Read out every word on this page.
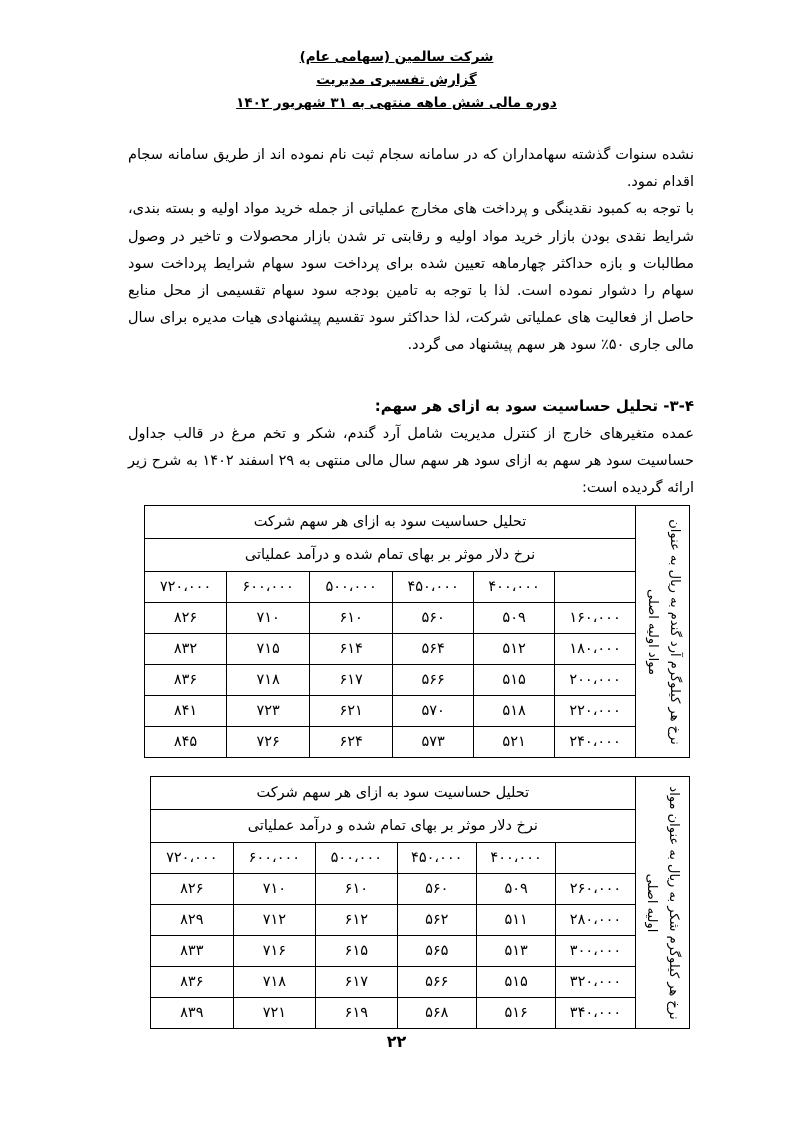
شرکت سالمین (سهامی عام)
گزارش تفسیری مدیریت
دوره مالی شش ماهه منتهی به ۳۱ شهریور ۱۴۰۲

نشده سنوات گذشته سهامداران که در سامانه سجام ثبت نام نموده اند از طریق سامانه سجام اقدام نمود.

با توجه به کمبود نقدینگی و پرداخت های مخارج عملیاتی از جمله خرید مواد اولیه و بسته بندی، شرایط نقدی بودن بازار خرید مواد اولیه و رقابتی تر شدن بازار محصولات و تاخیر در وصول مطالبات و بازه حداکثر چهارماهه تعیین شده برای پرداخت سود سهام شرایط پرداخت سود سهام را دشوار نموده است. لذا با توجه به تامین بودجه سود سهام تقسیمی از محل منابع حاصل از فعالیت های عملیاتی شرکت، لذا حداکثر سود تقسیم پیشنهادی هیات مدیره برای سال مالی جاری ۵۰٪ سود هر سهم پیشنهاد می گردد.

۳-۴- تحلیل حساسیت سود به ازای هر سهم:
عمده متغیرهای خارج از کنترل مدیریت شامل آرد گندم، شکر و تخم مرغ در قالب جداول حساسیت سود هر سهم به ازای سود هر سهم سال مالی منتهی به ۲۹ اسفند ۱۴۰۲ به شرح زیر ارائه گردیده است:
نرخ هر کیلوگرم آرد گندم به ریال به عنوان
مواد اولیه اصلی	تحلیل حساسیت سود به ازای هر سهم شرکت					
	نرخ دلار موثر بر بهای تمام شده و درآمد عملیاتی					
		۴۰۰،۰۰۰	۴۵۰،۰۰۰	۵۰۰،۰۰۰	۶۰۰،۰۰۰	۷۲۰،۰۰۰
	۱۶۰،۰۰۰	۵۰۹	۵۶۰	۶۱۰	۷۱۰	۸۲۶
	۱۸۰،۰۰۰	۵۱۲	۵۶۴	۶۱۴	۷۱۵	۸۳۲
	۲۰۰،۰۰۰	۵۱۵	۵۶۶	۶۱۷	۷۱۸	۸۳۶
	۲۲۰،۰۰۰	۵۱۸	۵۷۰	۶۲۱	۷۲۳	۸۴۱
	۲۴۰،۰۰۰	۵۲۱	۵۷۳	۶۲۴	۷۲۶	۸۴۵
نرخ هر کیلوگرم شکر به ریال به عنوان مواد
اولیه اصلی	تحلیل حساسیت سود به ازای هر سهم شرکت					
	نرخ دلار موثر بر بهای تمام شده و درآمد عملیاتی					
		۴۰۰،۰۰۰	۴۵۰،۰۰۰	۵۰۰،۰۰۰	۶۰۰،۰۰۰	۷۲۰،۰۰۰
	۲۶۰،۰۰۰	۵۰۹	۵۶۰	۶۱۰	۷۱۰	۸۲۶
	۲۸۰،۰۰۰	۵۱۱	۵۶۲	۶۱۲	۷۱۲	۸۲۹
	۳۰۰،۰۰۰	۵۱۳	۵۶۵	۶۱۵	۷۱۶	۸۳۳
	۳۲۰،۰۰۰	۵۱۵	۵۶۶	۶۱۷	۷۱۸	۸۳۶
	۳۴۰،۰۰۰	۵۱۶	۵۶۸	۶۱۹	۷۲۱	۸۳۹
۲۲
